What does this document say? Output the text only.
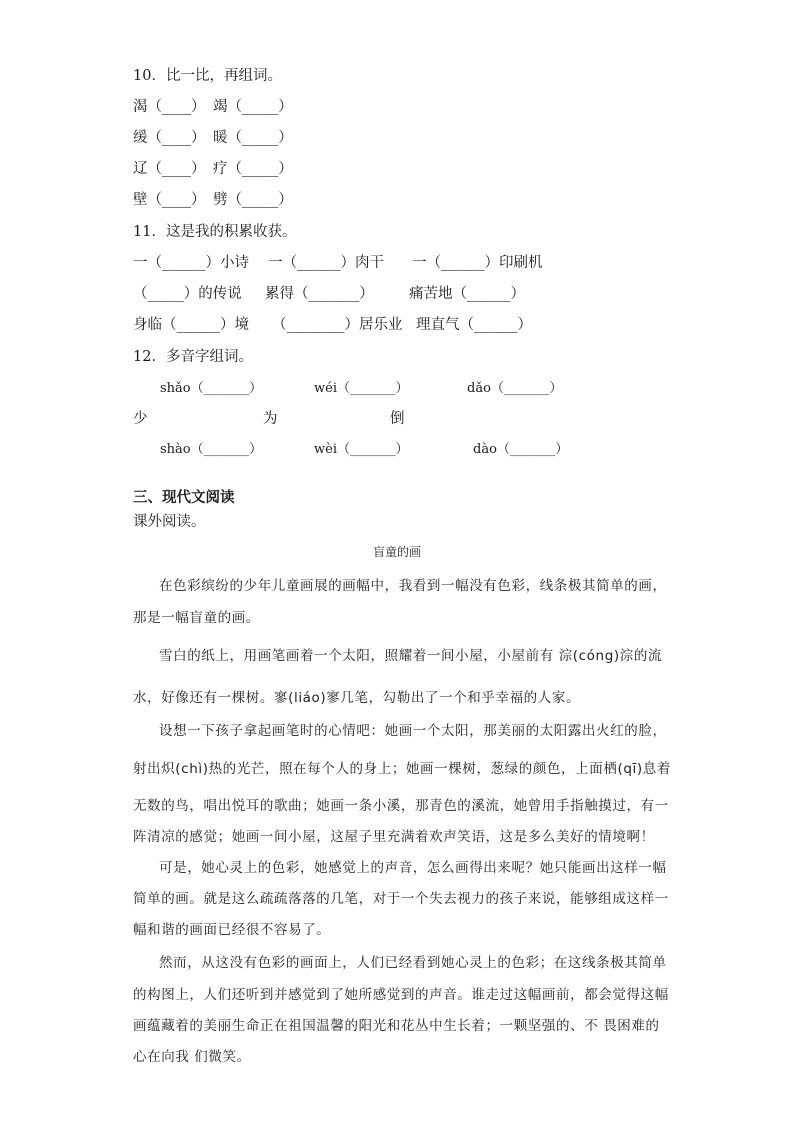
10．比一比，再组词。
渴（____） 竭（_____）
缓（____） 暖（_____）
辽（____） 疗（_____）
壁（____） 劈（_____）
11．这是我的积累收获。
一（______）小诗 一（______）肉干 一（______）印刷机
（_____）的传说 累得（_______） 痛苦地（______）
身临（______）境 （________）居乐业 理直气（______）
12．多音字组词。
shǎo（_______）	wéi（_______）	dǎo（_______）
少	为	倒
shào（_______）	wèi（_______）	dào（_______）
三、现代文阅读
课外阅读。
盲童的画
在色彩缤纷的少年儿童画展的画幅中，我看到一幅没有色彩，线条极其简单的画，
那是一幅盲童的画。
雪白的纸上，用画笔画着一个太阳，照耀着一间小屋，小屋前有 淙(cóng)淙的流
水，好像还有一棵树。寥(liáo)寥几笔，勾勒出了一个和乎幸福的人家。
设想一下孩子拿起画笔时的心情吧：她画一个太阳，那美丽的太阳露出火红的脸，
射出炽(chì)热的光芒，照在每个人的身上；她画一棵树，葱绿的颜色，上面栖(qī)息着
无数的鸟，唱出悦耳的歌曲；她画一条小溪，那青色的溪流，她曾用手指触摸过，有一
阵清凉的感觉；她画一间小屋，这屋子里充满着欢声笑语，这是多么美好的情境啊！
可是，她心灵上的色彩，她感觉上的声音，怎么画得出来呢？她只能画出这样一幅
简单的画。就是这么疏疏落落的几笔，对于一个失去视力的孩子来说，能够组成这样一
幅和谐的画面已经很不容易了。
然而，从这没有色彩的画面上，人们已经看到她心灵上的色彩；在这线条极其简单
的构图上，人们还听到并感觉到了她所感觉到的声音。谁走过这幅画前，都会觉得这幅
画蕴藏着的美丽生命正在祖国温馨的阳光和花丛中生长着；一颗坚强的、不 畏困难的
心在向我 们微笑。
